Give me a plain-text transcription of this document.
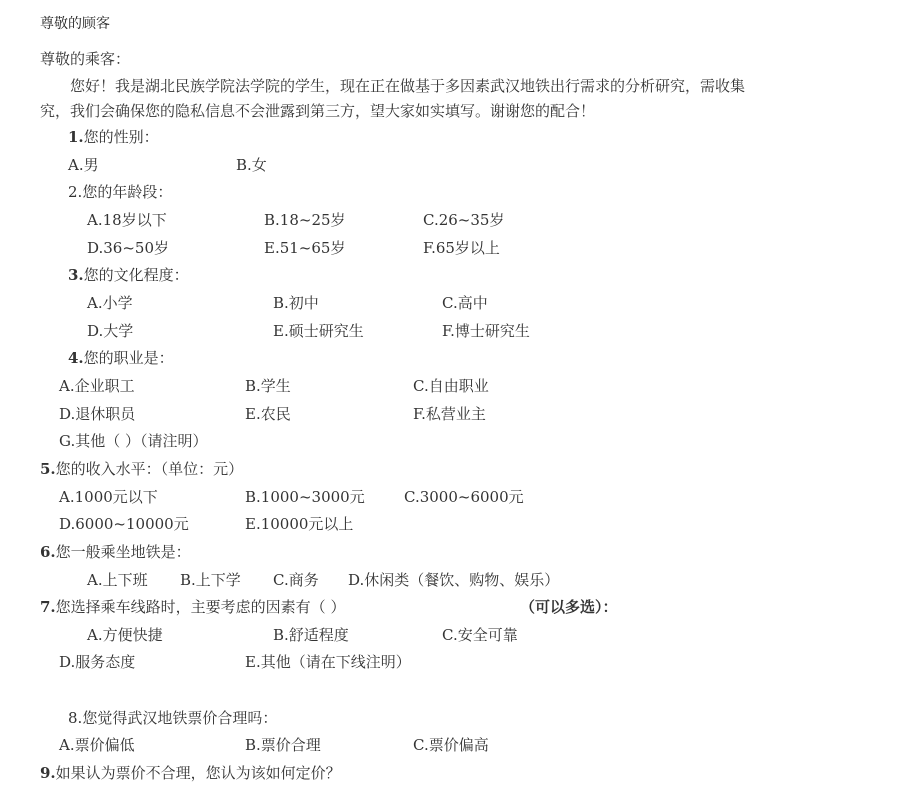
尊敬的顾客
尊敬的乘客：
您好！我是湖北民族学院法学院的学生，现在正在做基于多因素武汉地铁出行需求的分析研究，需收集
究，我们会确保您的隐私信息不会泄露到第三方，望大家如实填写。谢谢您的配合！
1.您的性别：
A.男	B.女
2.您的年龄段：
A.18岁以下	B.18~25岁	C.26~35岁
D.36~50岁	E.51~65岁	F.65岁以上
3.您的文化程度：
A.小学	B.初中	C.高中
D.大学	E.硕士研究生	F.博士研究生
4.您的职业是：
A.企业职工	B.学生	C.自由职业
D.退休职员	E.农民	F.私营业主
G.其他（ ）（请注明）
5.您的收入水平：（单位：元）
A.1000元以下	B.1000~3000元	C.3000~6000元
D.6000~10000元	E.10000元以上
6.您一般乘坐地铁是：
A.上下班 B.上下学 C.商务 D.休闲类（餐饮、购物、娱乐）
7.您选择乘车线路时，主要考虑的因素有（ ）	（可以多选）：
A.方便快捷	B.舒适程度	C.安全可靠
D.服务态度	E.其他（请在下线注明）
8.您觉得武汉地铁票价合理吗：
A.票价偏低	B.票价合理	C.票价偏高
9.如果认为票价不合理，您认为该如何定价？
